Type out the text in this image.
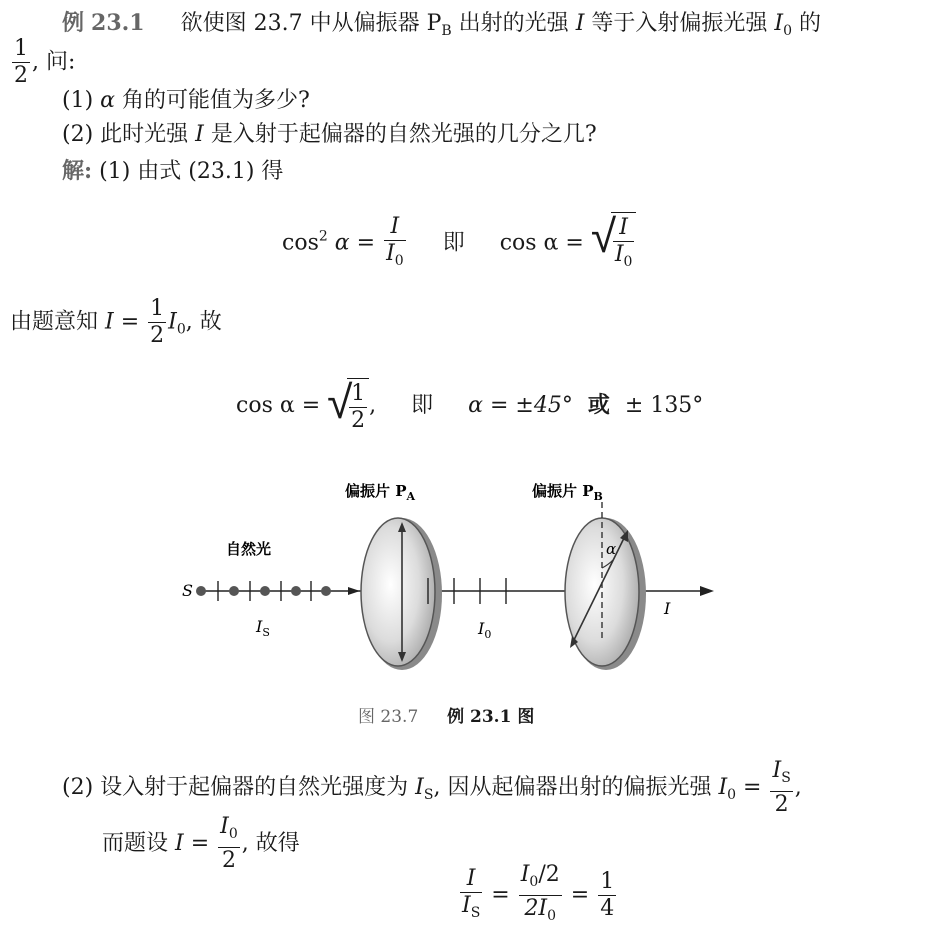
例 23.1 欲使图 23.7 中从偏振器 $P_B$ 出射的光强 I 等于入射偏振光强 $I_0$ 的
$\frac{1}{2}$ , 问:
(1) α 角的可能值为多少?
(2) 此时光强 I 是入射于起偏器的自然光强的几分之几?
解: (1) 由式 (23.1) 得
$\cos^2 \alpha = \frac{I}{I_0}$ 即 cos α = √
$\frac{I}{I_0}$
由题意知 $I = \frac{1}{2} I_0$, 故
cos α = √
$\frac{1}{2}$ , 即 α = ±45° 或 ± 135°
偏振片 $P_A$	偏振片 $P_B$
自然光
S
$I_S$	$I_0$
α
I
图 23.7 例 23.1 图
(2) 设入射于起偏器的自然光强度为 $I_S$, 因从起偏器出射的偏振光强 $I_0 = \frac{I_S}{2}$ ,
而题设 $I = \frac{I_0}{2}$ , 故得
$\frac{I}{I_S} = \frac{I_0/2}{2I_0} = \frac{1}{4}$
